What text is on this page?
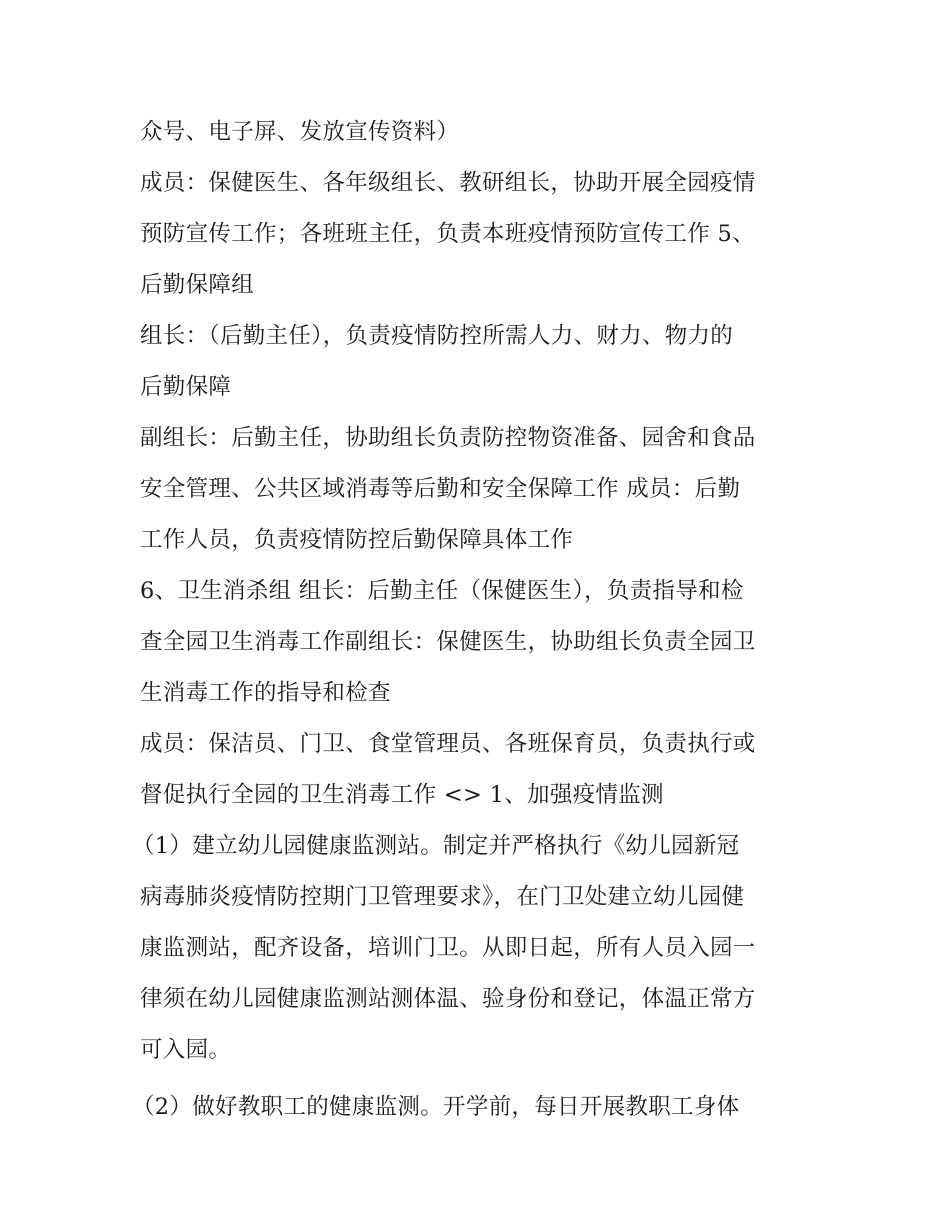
众号、电子屏、发放宣传资料）
成员：保健医生、各年级组长、教研组长，协助开展全园疫情
预防宣传工作；各班班主任，负责本班疫情预防宣传工作 5、
后勤保障组
组长：（后勤主任），负责疫情防控所需人力、财力、物力的
后勤保障
副组长：后勤主任，协助组长负责防控物资准备、园舍和食品
安全管理、公共区域消毒等后勤和安全保障工作 成员：后勤
工作人员，负责疫情防控后勤保障具体工作
6、卫生消杀组 组长：后勤主任（保健医生），负责指导和检
查全园卫生消毒工作副组长：保健医生，协助组长负责全园卫
生消毒工作的指导和检查
成员：保洁员、门卫、食堂管理员、各班保育员，负责执行或
督促执行全园的卫生消毒工作 <> 1、加强疫情监测
（1）建立幼儿园健康监测站。制定并严格执行《幼儿园新冠
病毒肺炎疫情防控期门卫管理要求》，在门卫处建立幼儿园健
康监测站，配齐设备，培训门卫。从即日起，所有人员入园一
律须在幼儿园健康监测站测体温、验身份和登记，体温正常方
可入园。
（2）做好教职工的健康监测。开学前，每日开展教职工身体
